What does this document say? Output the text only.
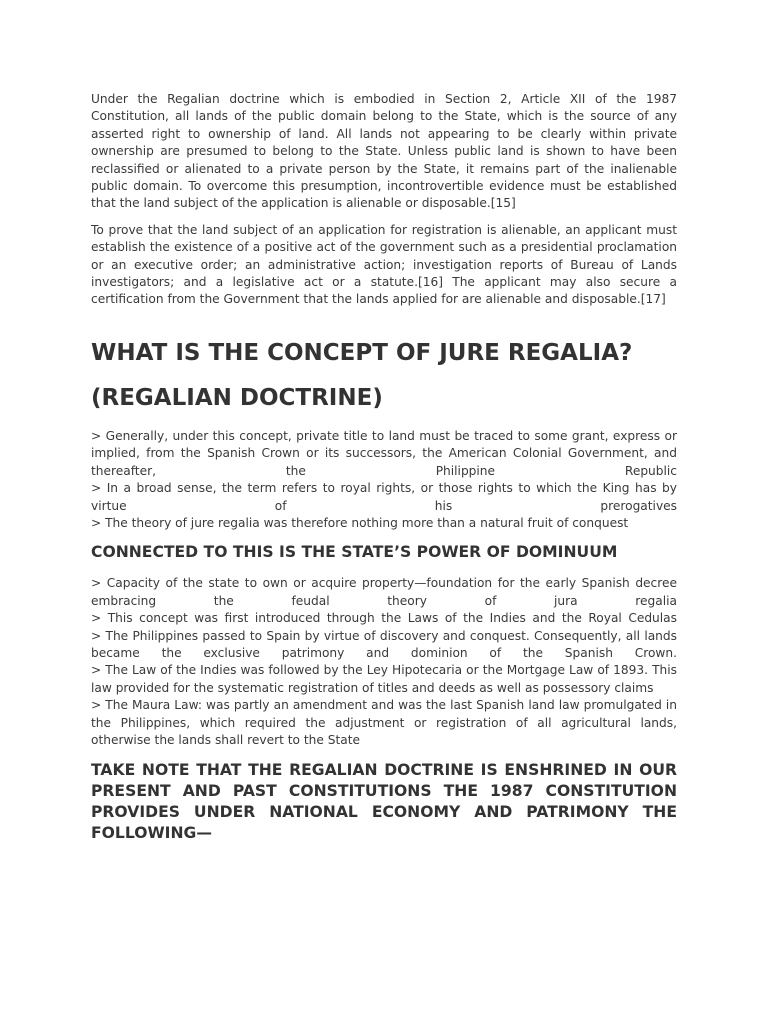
Under the Regalian doctrine which is embodied in Section 2, Article XII of the 1987 Constitution, all lands of the public domain belong to the State, which is the source of any asserted right to ownership of land. All lands not appearing to be clearly within private ownership are presumed to belong to the State. Unless public land is shown to have been reclassified or alienated to a private person by the State, it remains part of the inalienable public domain. To overcome this presumption, incontrovertible evidence must be established that the land subject of the application is alienable or disposable.[15]

To prove that the land subject of an application for registration is alienable, an applicant must establish the existence of a positive act of the government such as a presidential proclamation or an executive order; an administrative action; investigation reports of Bureau of Lands investigators; and a legislative act or a statute.[16] The applicant may also secure a certification from the Government that the lands applied for are alienable and disposable.[17]

WHAT IS THE CONCEPT OF JURE REGALIA?
(REGALIAN DOCTRINE)
> Generally, under this concept, private title to land must be traced to some grant, express or implied, from the Spanish Crown or its successors, the American Colonial Government, and thereafter, the Philippine Republic
> In a broad sense, the term refers to royal rights, or those rights to which the King has by virtue of his prerogatives
> The theory of jure regalia was therefore nothing more than a natural fruit of conquest
CONNECTED TO THIS IS THE STATE’S POWER OF DOMINUUM
> Capacity of the state to own or acquire property—foundation for the early Spanish decree embracing the feudal theory of jura regalia
> This concept was first introduced through the Laws of the Indies and the Royal Cedulas
> The Philippines passed to Spain by virtue of discovery and conquest. Consequently, all lands became the exclusive patrimony and dominion of the Spanish Crown.
> The Law of the Indies was followed by the Ley Hipotecaria or the Mortgage Law of 1893. This law provided for the systematic registration of titles and deeds as well as possessory claims
> The Maura Law: was partly an amendment and was the last Spanish land law promulgated in the Philippines, which required the adjustment or registration of all agricultural lands, otherwise the lands shall revert to the State
TAKE NOTE THAT THE REGALIAN DOCTRINE IS ENSHRINED IN OUR PRESENT AND PAST CONSTITUTIONS THE 1987 CONSTITUTION PROVIDES UNDER NATIONAL ECONOMY AND PATRIMONY THE FOLLOWING—
